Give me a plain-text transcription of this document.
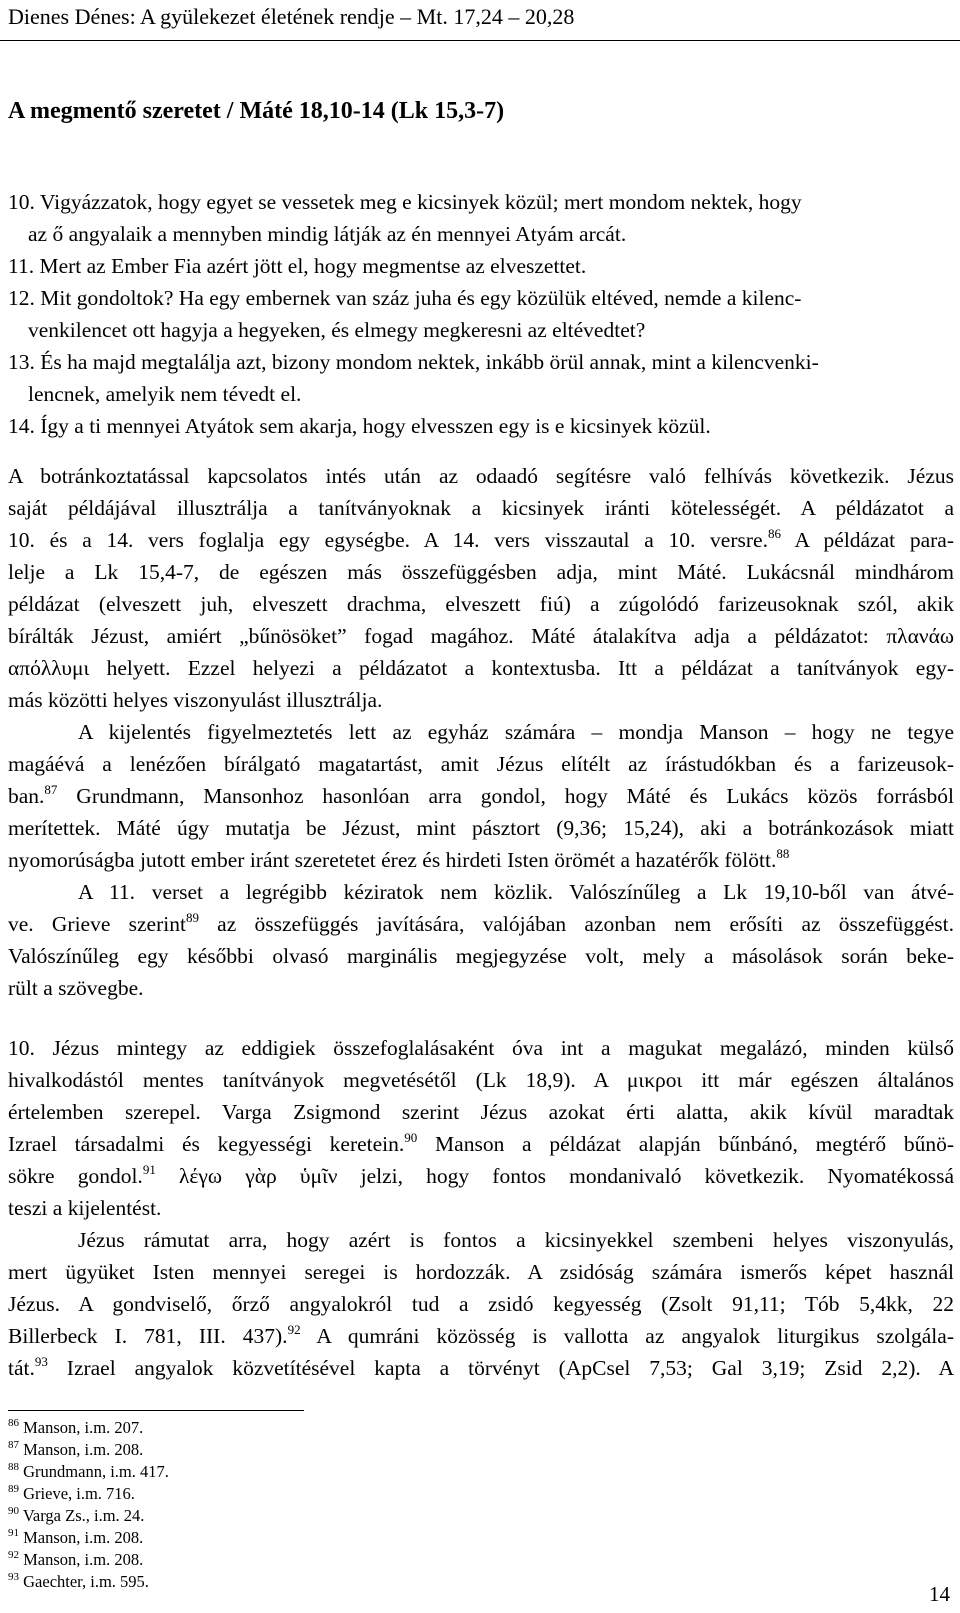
Dienes Dénes: A gyülekezet életének rendje – Mt. 17,24 – 20,28
A megmentő szeretet / Máté 18,10-14 (Lk 15,3-7)
10. Vigyázzatok, hogy egyet se vessetek meg e kicsinyek közül; mert mondom nektek, hogy
az ő angyalaik a mennyben mindig látják az én mennyei Atyám arcát.
11. Mert az Ember Fia azért jött el, hogy megmentse az elveszettet.
12. Mit gondoltok? Ha egy embernek van száz juha és egy közülük eltéved, nemde a kilenc-
venkilencet ott hagyja a hegyeken, és elmegy megkeresni az eltévedtet?
13. És ha majd megtalálja azt, bizony mondom nektek, inkább örül annak, mint a kilencvenki-
lencnek, amelyik nem tévedt el.
14. Így a ti mennyei Atyátok sem akarja, hogy elvesszen egy is e kicsinyek közül.
A botránkoztatással kapcsolatos intés után az odaadó segítésre való felhívás következik. Jézus
saját példájával illusztrálja a tanítványoknak a kicsinyek iránti kötelességét. A példázatot a
10. és a 14. vers foglalja egy egységbe. A 14. vers visszautal a 10. versre.$^{86}$ A példázat para-
lelje a Lk 15,4-7, de egészen más összefüggésben adja, mint Máté. Lukácsnál mindhárom
példázat (elveszett juh, elveszett drachma, elveszett fiú) a zúgolódó farizeusoknak szól, akik
bírálták Jézust, amiért „bűnösöket” fogad magához. Máté átalakítva adja a példázatot: πλανάω
απόλλυμι helyett. Ezzel helyezi a példázatot a kontextusba. Itt a példázat a tanítványok egy-
más közötti helyes viszonyulást illusztrálja.
A kijelentés figyelmeztetés lett az egyház számára – mondja Manson – hogy ne tegye
magáévá a lenézően bírálgató magatartást, amit Jézus elítélt az írástudókban és a farizeusok-
ban.$^{87}$ Grundmann, Mansonhoz hasonlóan arra gondol, hogy Máté és Lukács közös forrásból
merítettek. Máté úgy mutatja be Jézust, mint pásztort (9,36; 15,24), aki a botránkozások miatt
nyomorúságba jutott ember iránt szeretetet érez és hirdeti Isten örömét a hazatérők fölött.$^{88}$
A 11. verset a legrégibb kéziratok nem közlik. Valószínűleg a Lk 19,10-ből van átvé-
ve. Grieve szerint$^{89}$ az összefüggés javítására, valójában azonban nem erősíti az összefüggést.
Valószínűleg egy későbbi olvasó marginális megjegyzése volt, mely a másolások során beke-
rült a szövegbe.
10. Jézus mintegy az eddigiek összefoglalásaként óva int a magukat megalázó, minden külső
hivalkodástól mentes tanítványok megvetésétől (Lk 18,9). A μικροι itt már egészen általános
értelemben szerepel. Varga Zsigmond szerint Jézus azokat érti alatta, akik kívül maradtak
Izrael társadalmi és kegyességi keretein.$^{90}$ Manson a példázat alapján bűnbánó, megtérő bűnö-
sökre gondol.$^{91}$ λέγω γὰρ ὑμῖν jelzi, hogy fontos mondanivaló következik. Nyomatékossá
teszi a kijelentést.
Jézus rámutat arra, hogy azért is fontos a kicsinyekkel szembeni helyes viszonyulás,
mert ügyüket Isten mennyei seregei is hordozzák. A zsidóság számára ismerős képet használ
Jézus. A gondviselő, őrző angyalokról tud a zsidó kegyesség (Zsolt 91,11; Tób 5,4kk, 22
Billerbeck I. 781, III. 437).$^{92}$ A qumráni közösség is vallotta az angyalok liturgikus szolgála-
tát.$^{93}$ Izrael angyalok közvetítésével kapta a törvényt (ApCsel 7,53; Gal 3,19; Zsid 2,2). A
$^{86}$ Manson, i.m. 207.
$^{87}$ Manson, i.m. 208.
$^{88}$ Grundmann, i.m. 417.
$^{89}$ Grieve, i.m. 716.
$^{90}$ Varga Zs., i.m. 24.
$^{91}$ Manson, i.m. 208.
$^{92}$ Manson, i.m. 208.
$^{93}$ Gaechter, i.m. 595.
14
